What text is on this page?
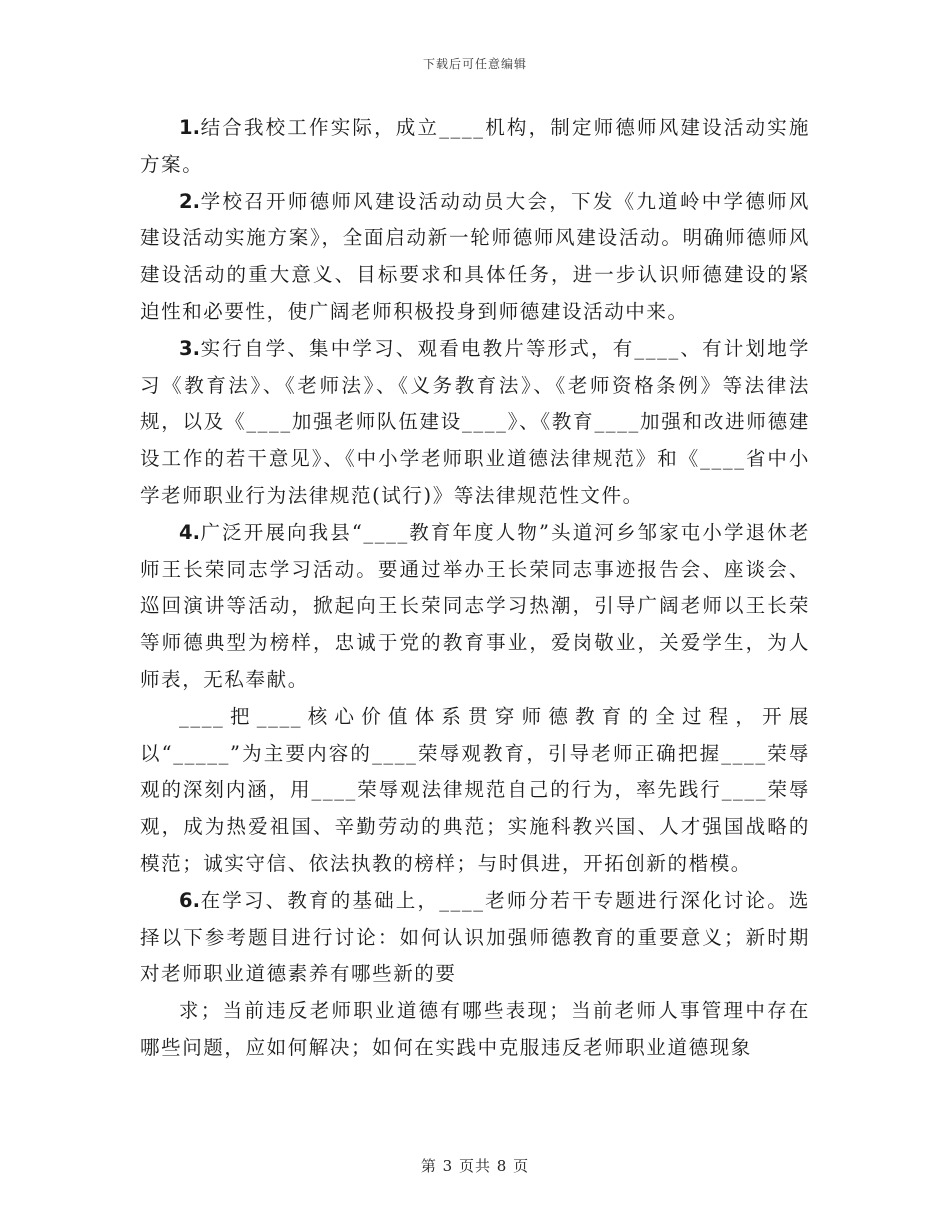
下载后可任意编辑

1.结合我校工作实际，成立____机构，制定师德师风建设活动实施方案。

2.学校召开师德师风建设活动动员大会，下发《九道岭中学德师风建设活动实施方案》，全面启动新一轮师德师风建设活动。明确师德师风建设活动的重大意义、目标要求和具体任务，进一步认识师德建设的紧迫性和必要性，使广阔老师积极投身到师德建设活动中来。

3.实行自学、集中学习、观看电教片等形式，有____、有计划地学习《教育法》、《老师法》、《义务教育法》、《老师资格条例》等法律法规，以及《____加强老师队伍建设____》、《教育____加强和改进师德建设工作的若干意见》、《中小学老师职业道德法律规范》和《____省中小学老师职业行为法律规范(试行)》等法律规范性文件。

4.广泛开展向我县“____教育年度人物”头道河乡邹家屯小学退休老师王长荣同志学习活动。要通过举办王长荣同志事迹报告会、座谈会、巡回演讲等活动，掀起向王长荣同志学习热潮，引导广阔老师以王长荣等师德典型为榜样，忠诚于党的教育事业，爱岗敬业，关爱学生，为人师表，无私奉献。

____把____核心价值体系贯穿师德教育的全过程，开展以“_____”为主要内容的____荣辱观教育，引导老师正确把握____荣辱观的深刻内涵，用____荣辱观法律规范自己的行为，率先践行____荣辱观，成为热爱祖国、辛勤劳动的典范；实施科教兴国、人才强国战略的模范；诚实守信、依法执教的榜样；与时俱进，开拓创新的楷模。

6.在学习、教育的基础上，____老师分若干专题进行深化讨论。选择以下参考题目进行讨论：如何认识加强师德教育的重要意义；新时期对老师职业道德素养有哪些新的要

求；当前违反老师职业道德有哪些表现；当前老师人事管理中存在哪些问题，应如何解决；如何在实践中克服违反老师职业道德现象

第 3 页共 8 页
